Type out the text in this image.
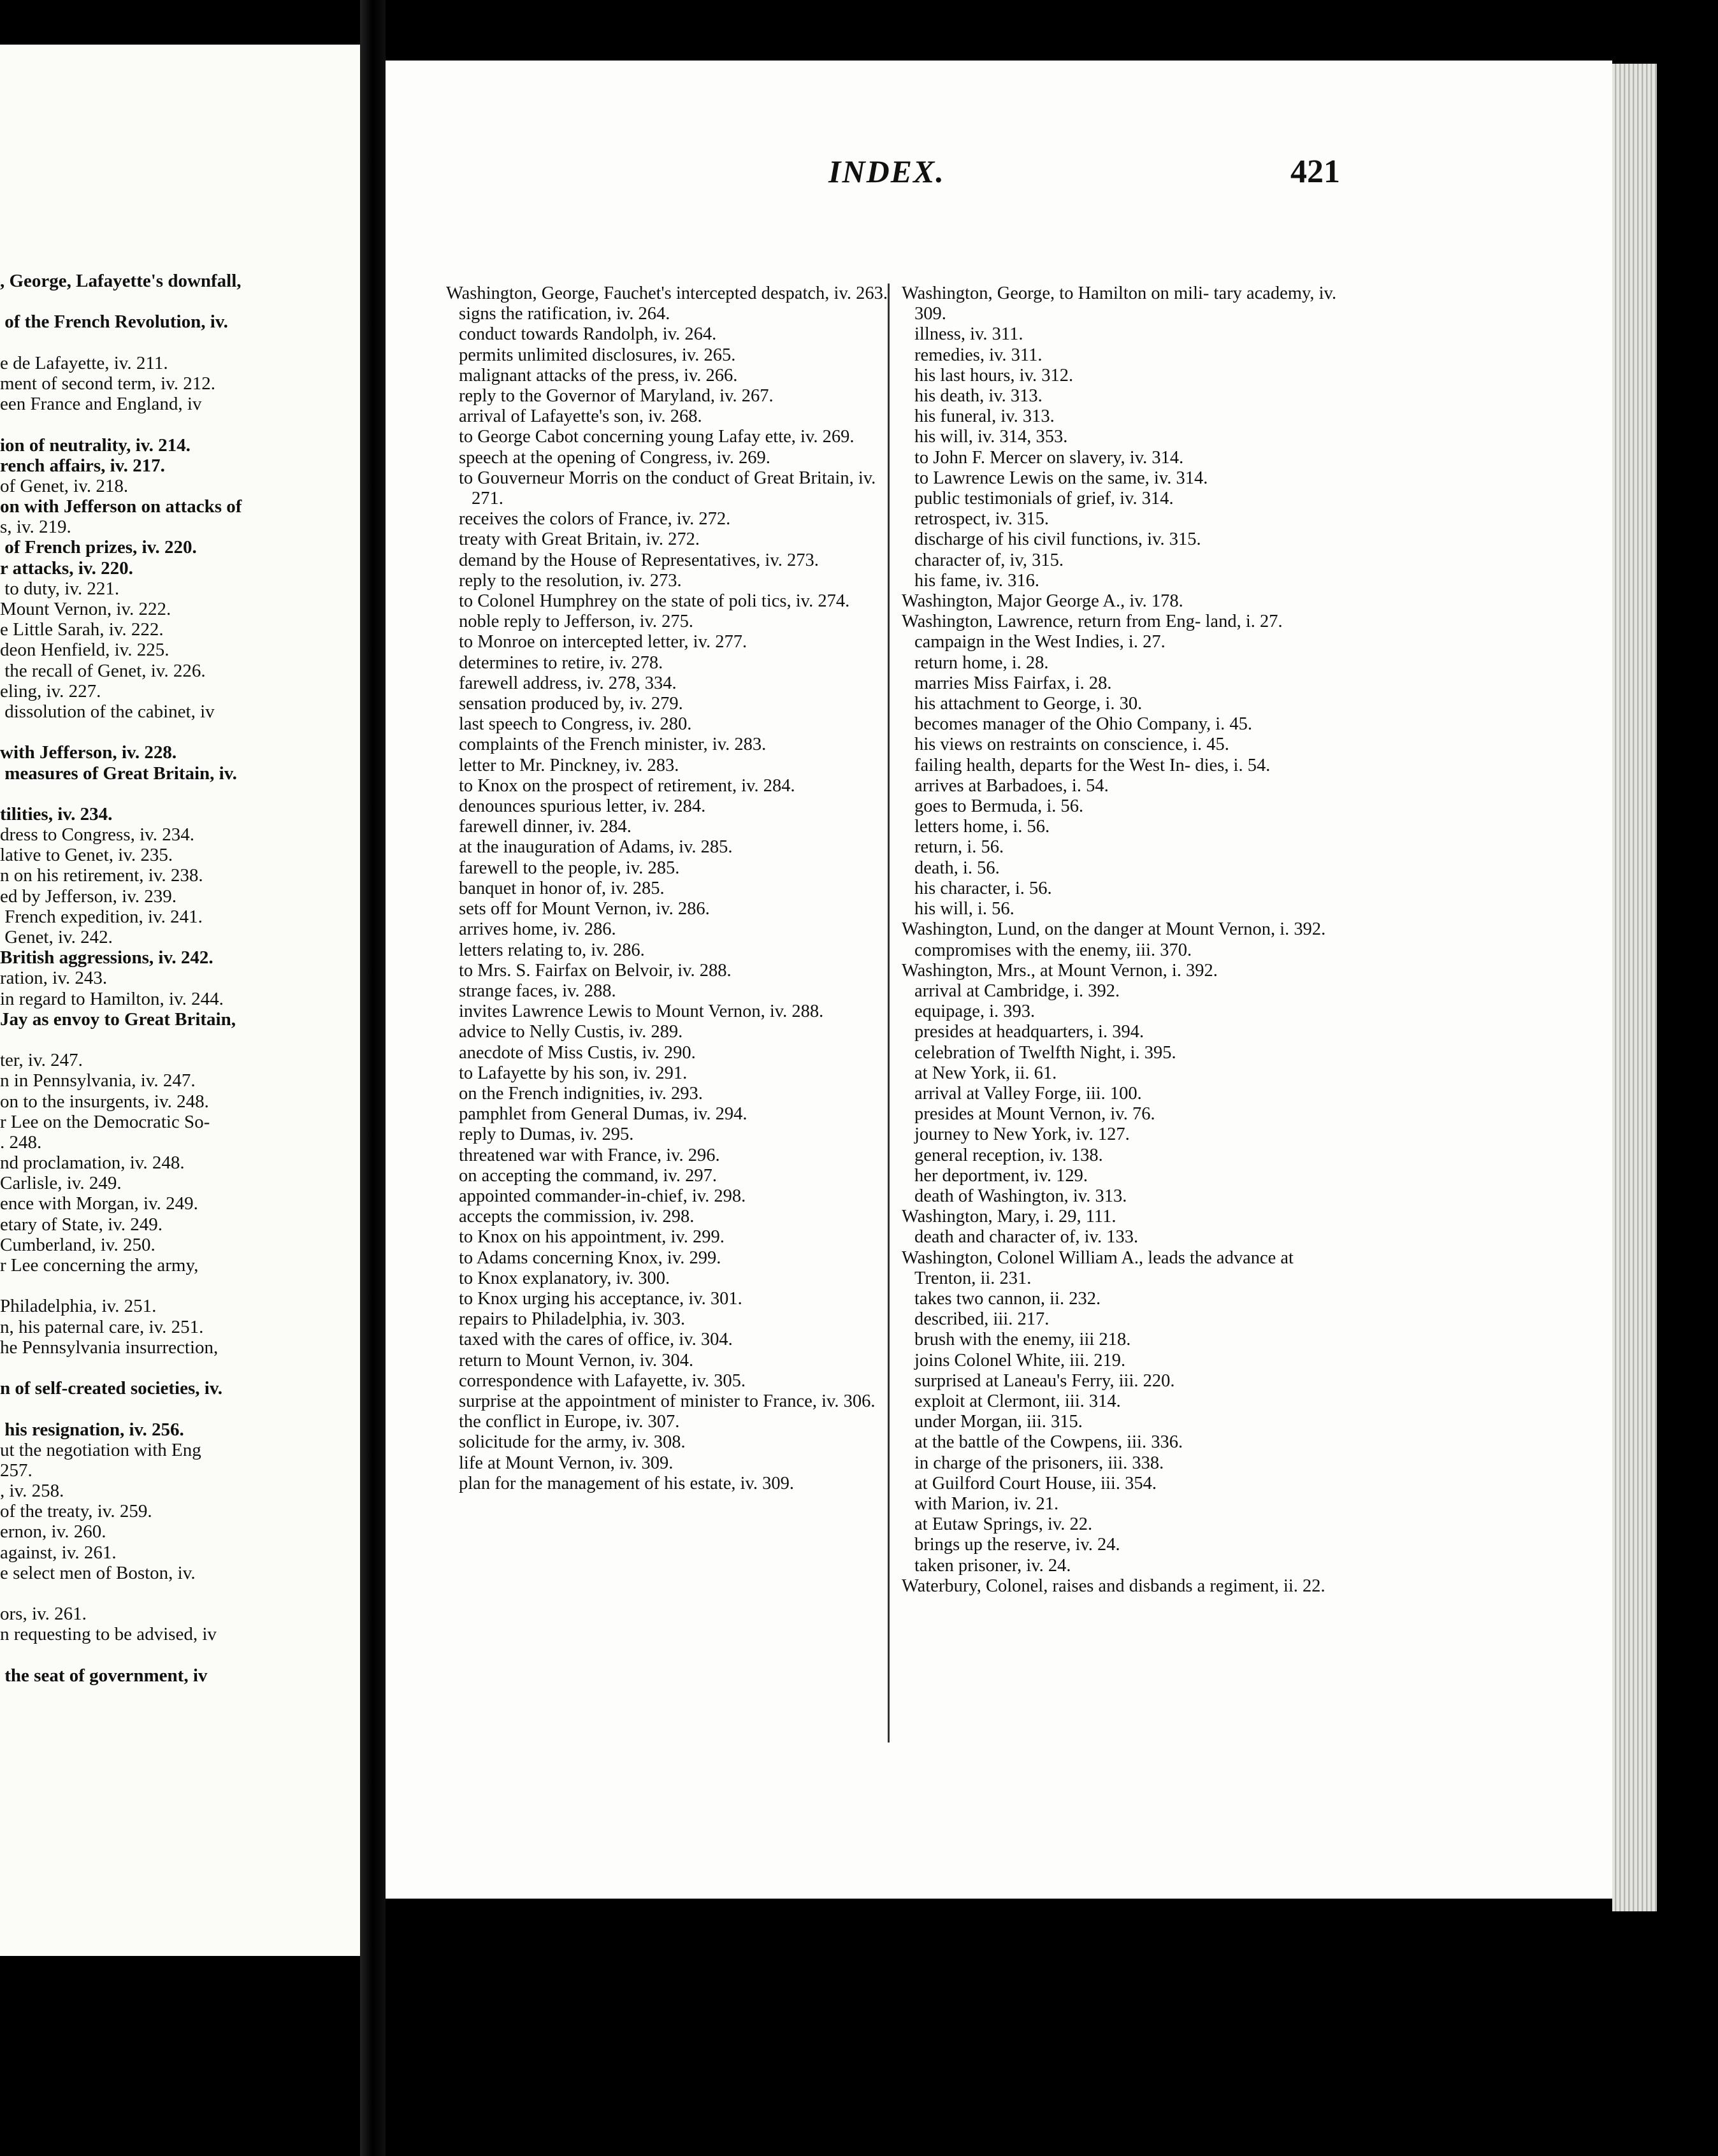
, George, Lafayette's downfall,
of the French Revolution, iv.
e de Lafayette, iv. 211.
ment of second term, iv. 212.
een France and England, iv
ion of neutrality, iv. 214.
rench affairs, iv. 217.
of Genet, iv. 218.
on with Jefferson on attacks of
s, iv. 219.
of French prizes, iv. 220.
r attacks, iv. 220.
to duty, iv. 221.
Mount Vernon, iv. 222.
e Little Sarah, iv. 222.
deon Henfield, iv. 225.
the recall of Genet, iv. 226.
eling, iv. 227.
dissolution of the cabinet, iv
with Jefferson, iv. 228.
measures of Great Britain, iv.
tilities, iv. 234.
dress to Congress, iv. 234.
lative to Genet, iv. 235.
n on his retirement, iv. 238.
ed by Jefferson, iv. 239.
French expedition, iv. 241.
Genet, iv. 242.
British aggressions, iv. 242.
ration, iv. 243.
in regard to Hamilton, iv. 244.
Jay as envoy to Great Britain,
ter, iv. 247.
n in Pennsylvania, iv. 247.
on to the insurgents, iv. 248.
r Lee on the Democratic So-
. 248.
nd proclamation, iv. 248.
Carlisle, iv. 249.
ence with Morgan, iv. 249.
etary of State, iv. 249.
Cumberland, iv. 250.
r Lee concerning the army,
Philadelphia, iv. 251.
n, his paternal care, iv. 251.
he Pennsylvania insurrection,
n of self-created societies, iv.
his resignation, iv. 256.
ut the negotiation with Eng
257.
, iv. 258.
of the treaty, iv. 259.
ernon, iv. 260.
against, iv. 261.
e select men of Boston, iv.
ors, iv. 261.
n requesting to be advised, iv
the seat of government, iv
INDEX.	421
Washington, George, Fauchet's intercepted despatch, iv. 263.
signs the ratification, iv. 264.
conduct towards Randolph, iv. 264.
permits unlimited disclosures, iv. 265.
malignant attacks of the press, iv. 266.
reply to the Governor of Maryland, iv. 267.
arrival of Lafayette's son, iv. 268.
to George Cabot concerning young Lafay ette, iv. 269.
speech at the opening of Congress, iv. 269.
to Gouverneur Morris on the conduct of Great Britain, iv. 271.
receives the colors of France, iv. 272.
treaty with Great Britain, iv. 272.
demand by the House of Representatives, iv. 273.
reply to the resolution, iv. 273.
to Colonel Humphrey on the state of poli tics, iv. 274.
noble reply to Jefferson, iv. 275.
to Monroe on intercepted letter, iv. 277.
determines to retire, iv. 278.
farewell address, iv. 278, 334.
sensation produced by, iv. 279.
last speech to Congress, iv. 280.
complaints of the French minister, iv. 283.
letter to Mr. Pinckney, iv. 283.
to Knox on the prospect of retirement, iv. 284.
denounces spurious letter, iv. 284.
farewell dinner, iv. 284.
at the inauguration of Adams, iv. 285.
farewell to the people, iv. 285.
banquet in honor of, iv. 285.
sets off for Mount Vernon, iv. 286.
arrives home, iv. 286.
letters relating to, iv. 286.
to Mrs. S. Fairfax on Belvoir, iv. 288.
strange faces, iv. 288.
invites Lawrence Lewis to Mount Vernon, iv. 288.
advice to Nelly Custis, iv. 289.
anecdote of Miss Custis, iv. 290.
to Lafayette by his son, iv. 291.
on the French indignities, iv. 293.
pamphlet from General Dumas, iv. 294.
reply to Dumas, iv. 295.
threatened war with France, iv. 296.
on accepting the command, iv. 297.
appointed commander-in-chief, iv. 298.
accepts the commission, iv. 298.
to Knox on his appointment, iv. 299.
to Adams concerning Knox, iv. 299.
to Knox explanatory, iv. 300.
to Knox urging his acceptance, iv. 301.
repairs to Philadelphia, iv. 303.
taxed with the cares of office, iv. 304.
return to Mount Vernon, iv. 304.
correspondence with Lafayette, iv. 305.
surprise at the appointment of minister to France, iv. 306.
the conflict in Europe, iv. 307.
solicitude for the army, iv. 308.
life at Mount Vernon, iv. 309.
plan for the management of his estate, iv. 309.
Washington, George, to Hamilton on mili- tary academy, iv. 309.
illness, iv. 311.
remedies, iv. 311.
his last hours, iv. 312.
his death, iv. 313.
his funeral, iv. 313.
his will, iv. 314, 353.
to John F. Mercer on slavery, iv. 314.
to Lawrence Lewis on the same, iv. 314.
public testimonials of grief, iv. 314.
retrospect, iv. 315.
discharge of his civil functions, iv. 315.
character of, iv, 315.
his fame, iv. 316.
Washington, Major George A., iv. 178.
Washington, Lawrence, return from Eng- land, i. 27.
campaign in the West Indies, i. 27.
return home, i. 28.
marries Miss Fairfax, i. 28.
his attachment to George, i. 30.
becomes manager of the Ohio Company, i. 45.
his views on restraints on conscience, i. 45.
failing health, departs for the West In- dies, i. 54.
arrives at Barbadoes, i. 54.
goes to Bermuda, i. 56.
letters home, i. 56.
return, i. 56.
death, i. 56.
his character, i. 56.
his will, i. 56.
Washington, Lund, on the danger at Mount Vernon, i. 392.
compromises with the enemy, iii. 370.
Washington, Mrs., at Mount Vernon, i. 392.
arrival at Cambridge, i. 392.
equipage, i. 393.
presides at headquarters, i. 394.
celebration of Twelfth Night, i. 395.
at New York, ii. 61.
arrival at Valley Forge, iii. 100.
presides at Mount Vernon, iv. 76.
journey to New York, iv. 127.
general reception, iv. 138.
her deportment, iv. 129.
death of Washington, iv. 313.
Washington, Mary, i. 29, 111.
death and character of, iv. 133.
Washington, Colonel William A., leads the advance at Trenton, ii. 231.
takes two cannon, ii. 232.
described, iii. 217.
brush with the enemy, iii 218.
joins Colonel White, iii. 219.
surprised at Laneau's Ferry, iii. 220.
exploit at Clermont, iii. 314.
under Morgan, iii. 315.
at the battle of the Cowpens, iii. 336.
in charge of the prisoners, iii. 338.
at Guilford Court House, iii. 354.
with Marion, iv. 21.
at Eutaw Springs, iv. 22.
brings up the reserve, iv. 24.
taken prisoner, iv. 24.
Waterbury, Colonel, raises and disbands a regiment, ii. 22.
